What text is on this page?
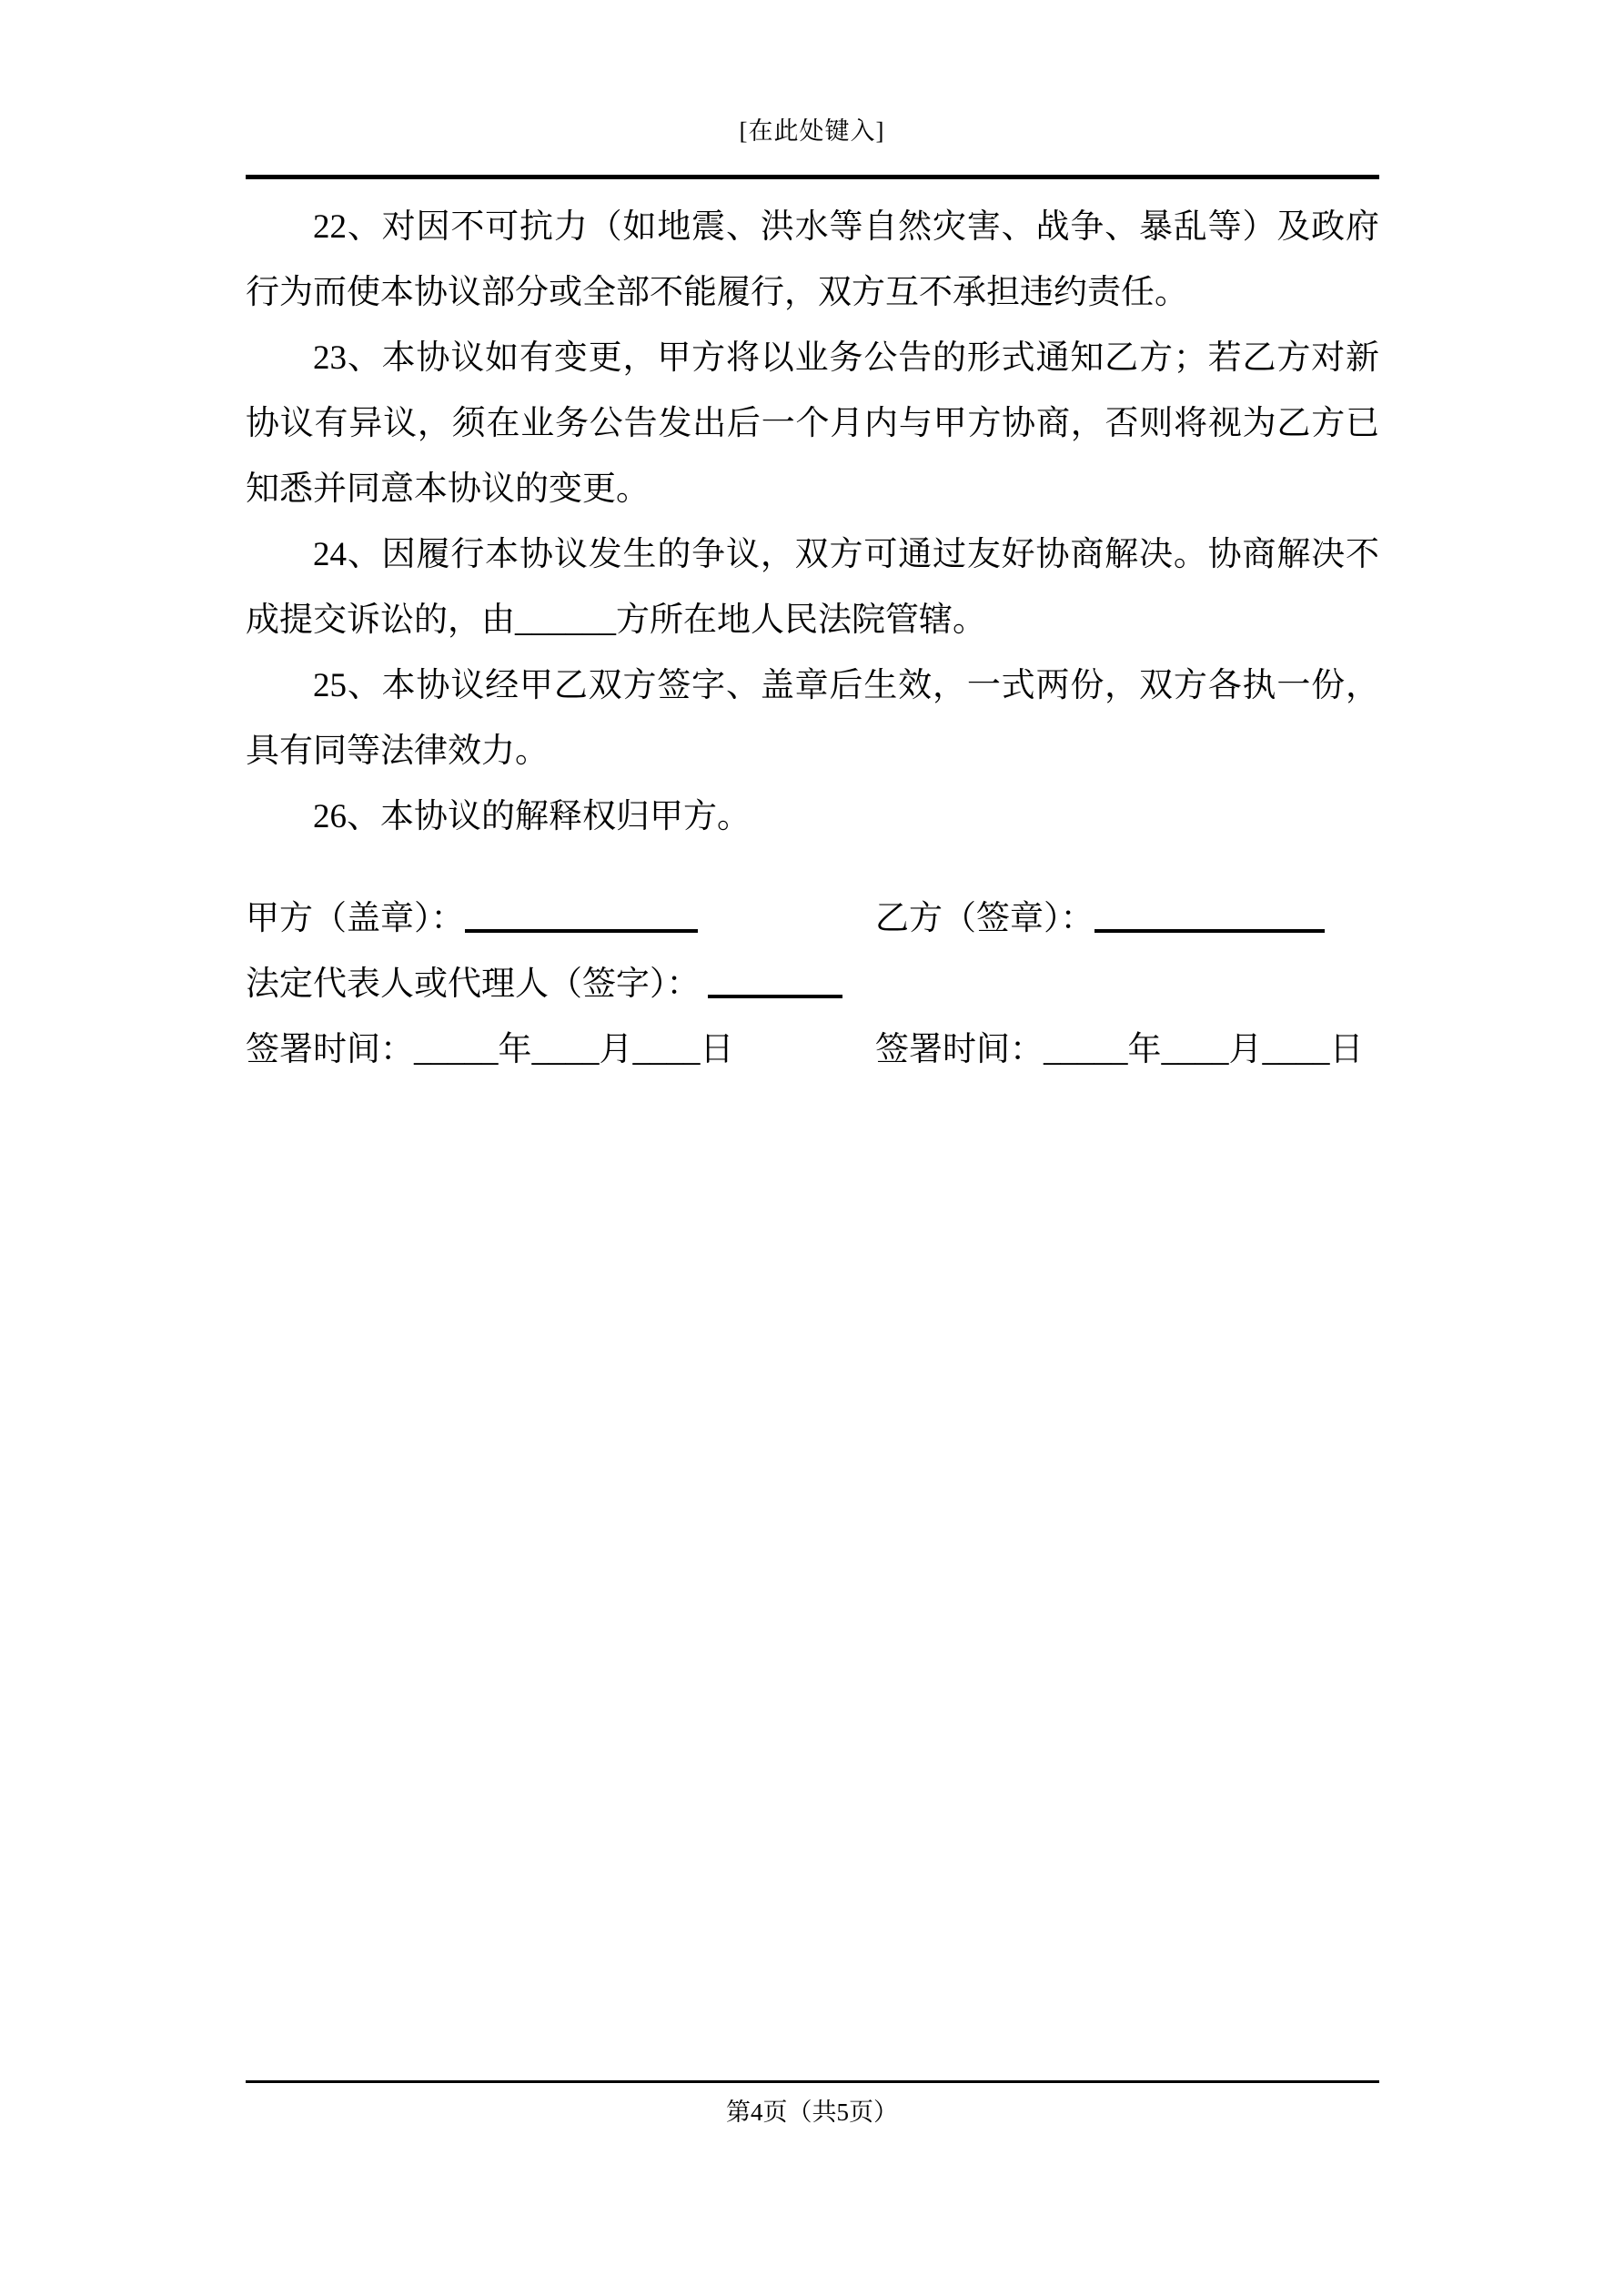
[在此处键入]

22、对因不可抗力（如地震、洪水等自然灾害、战争、暴乱等）及政府行为而使本协议部分或全部不能履行，双方互不承担违约责任。

23、本协议如有变更，甲方将以业务公告的形式通知乙方；若乙方对新协议有异议，须在业务公告发出后一个月内与甲方协商，否则将视为乙方已知悉并同意本协议的变更。

24、因履行本协议发生的争议，双方可通过友好协商解决。协商解决不成提交诉讼的，由______方所在地人民法院管辖。

25、本协议经甲乙双方签字、盖章后生效，一式两份，双方各执一份，具有同等法律效力。

26、本协议的解释权归甲方。

甲方（盖章）：	乙方（签章）：
法定代表人或代理人（签字）：
签署时间：_____年____月____日	签署时间：_____年____月____日
第4页（共5页）
